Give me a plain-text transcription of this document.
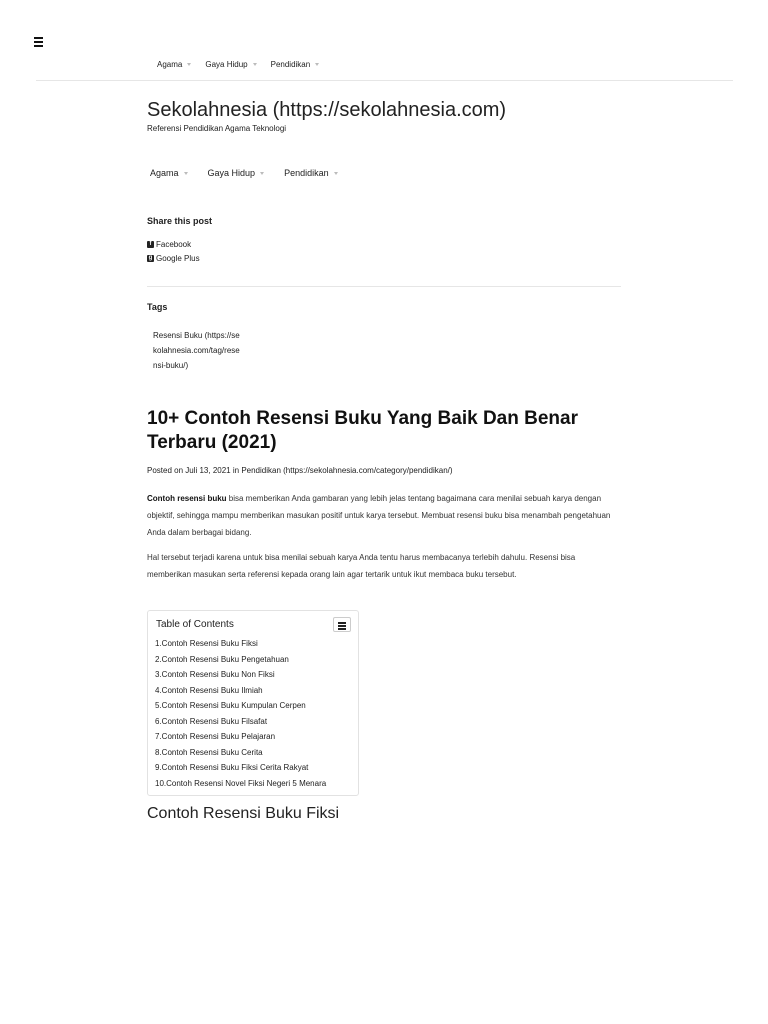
Agama	Gaya Hidup	Pendidikan
Sekolahnesia (https://sekolahnesia.com)
Referensi Pendidikan Agama Teknologi
Agama	Gaya Hidup	Pendidikan
Share this post
f Facebook
g Google Plus
Tags
Resensi Buku (https://sekolahnesia.com/tag/resensi-buku/)
10+ Contoh Resensi Buku Yang Baik Dan Benar Terbaru (2021)
Posted on Juli 13, 2021 in Pendidikan (https://sekolahnesia.com/category/pendidikan/)

Contoh resensi buku bisa memberikan Anda gambaran yang lebih jelas tentang bagaimana cara menilai sebuah karya dengan objektif, sehingga mampu memberikan masukan positif untuk karya tersebut. Membuat resensi buku bisa menambah pengetahuan Anda dalam berbagai bidang.

Hal tersebut terjadi karena untuk bisa menilai sebuah karya Anda tentu harus membacanya terlebih dahulu. Resensi bisa memberikan masukan serta referensi kepada orang lain agar tertarik untuk ikut membaca buku tersebut.

Table of Contents
1.Contoh Resensi Buku Fiksi
2.Contoh Resensi Buku Pengetahuan
3.Contoh Resensi Buku Non Fiksi
4.Contoh Resensi Buku Ilmiah
5.Contoh Resensi Buku Kumpulan Cerpen
6.Contoh Resensi Buku Filsafat
7.Contoh Resensi Buku Pelajaran
8.Contoh Resensi Buku Cerita
9.Contoh Resensi Buku Fiksi Cerita Rakyat
10.Contoh Resensi Novel Fiksi Negeri 5 Menara
Contoh Resensi Buku Fiksi
